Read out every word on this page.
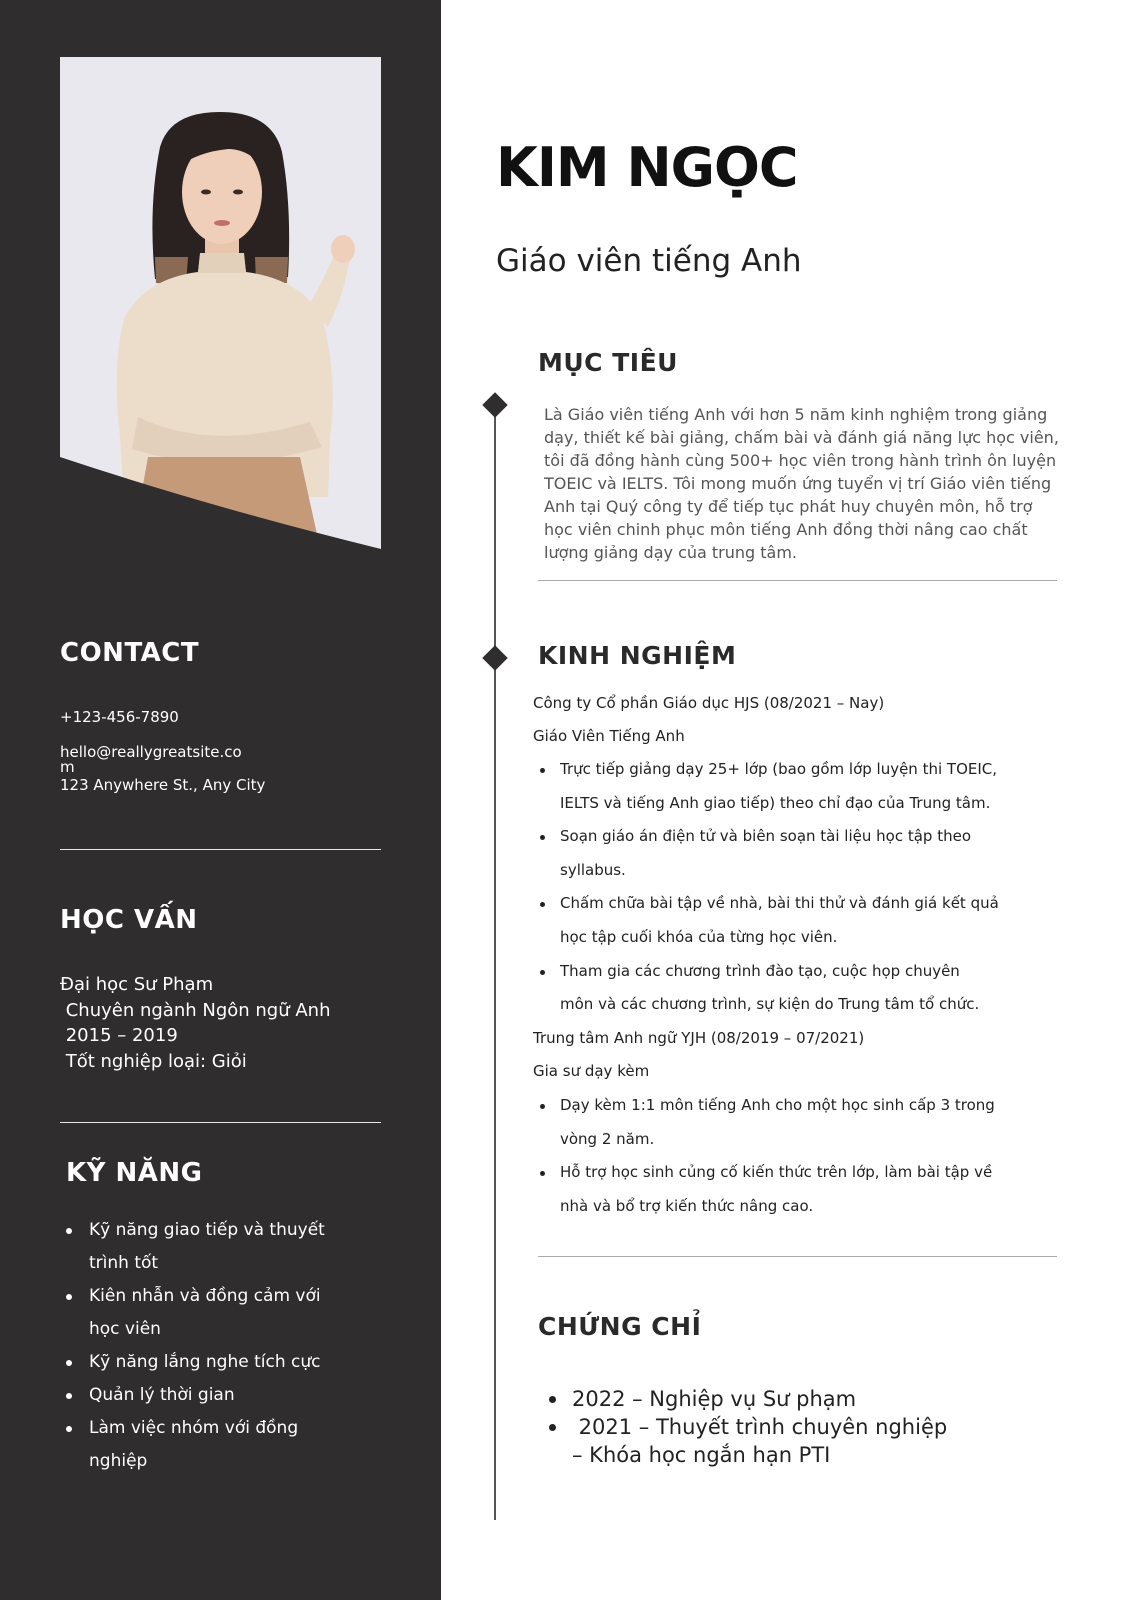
CONTACT
+123-456-7890
hello@reallygreatsite.co
m
123 Anywhere St., Any City
HỌC VẤN
Đại học Sư Phạm
Chuyên ngành Ngôn ngữ Anh
2015 – 2019
Tốt nghiệp loại: Giỏi
KỸ NĂNG
Kỹ năng giao tiếp và thuyết
trình tốt
Kiên nhẫn và đồng cảm với
học viên
Kỹ năng lắng nghe tích cực
Quản lý thời gian
Làm việc nhóm với đồng
nghiệp
KIM NGỌC
Giáo viên tiếng Anh
MỤC TIÊU

Là Giáo viên tiếng Anh với hơn 5 năm kinh nghiệm trong giảng dạy, thiết kế bài giảng, chấm bài và đánh giá năng lực học viên, tôi đã đồng hành cùng 500+ học viên trong hành trình ôn luyện TOEIC và IELTS. Tôi mong muốn ứng tuyển vị trí Giáo viên tiếng Anh tại Quý công ty để tiếp tục phát huy chuyên môn, hỗ trợ học viên chinh phục môn tiếng Anh đồng thời nâng cao chất lượng giảng dạy của trung tâm.

KINH NGHIỆM
Công ty Cổ phần Giáo dục HJS (08/2021 – Nay)
Giáo Viên Tiếng Anh
Trực tiếp giảng dạy 25+ lớp (bao gồm lớp luyện thi TOEIC,
IELTS và tiếng Anh giao tiếp) theo chỉ đạo của Trung tâm.
Soạn giáo án điện tử và biên soạn tài liệu học tập theo
syllabus.
Chấm chữa bài tập về nhà, bài thi thử và đánh giá kết quả
học tập cuối khóa của từng học viên.
Tham gia các chương trình đào tạo, cuộc họp chuyên
môn và các chương trình, sự kiện do Trung tâm tổ chức.
Trung tâm Anh ngữ YJH (08/2019 – 07/2021)
Gia sư dạy kèm
Dạy kèm 1:1 môn tiếng Anh cho một học sinh cấp 3 trong
vòng 2 năm.
Hỗ trợ học sinh củng cố kiến thức trên lớp, làm bài tập về
nhà và bổ trợ kiến thức nâng cao.
CHỨNG CHỈ
2022 – Nghiệp vụ Sư phạm
2021 – Thuyết trình chuyên nghiệp
– Khóa học ngắn hạn PTI
